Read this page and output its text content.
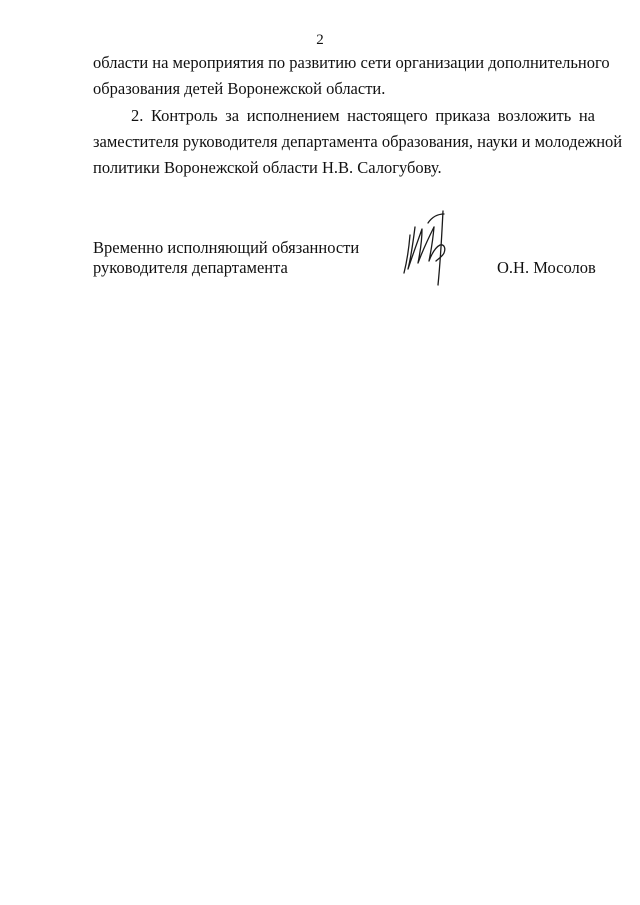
2
области на мероприятия по развитию сети организации дополнительного
образования детей Воронежской области.
2. Контроль за исполнением настоящего приказа возложить на
заместителя руководителя департамента образования, науки и молодежной
политики Воронежской области Н.В. Салогубову.
Временно исполняющий обязанности
руководителя департамента	О.Н. Мосолов
